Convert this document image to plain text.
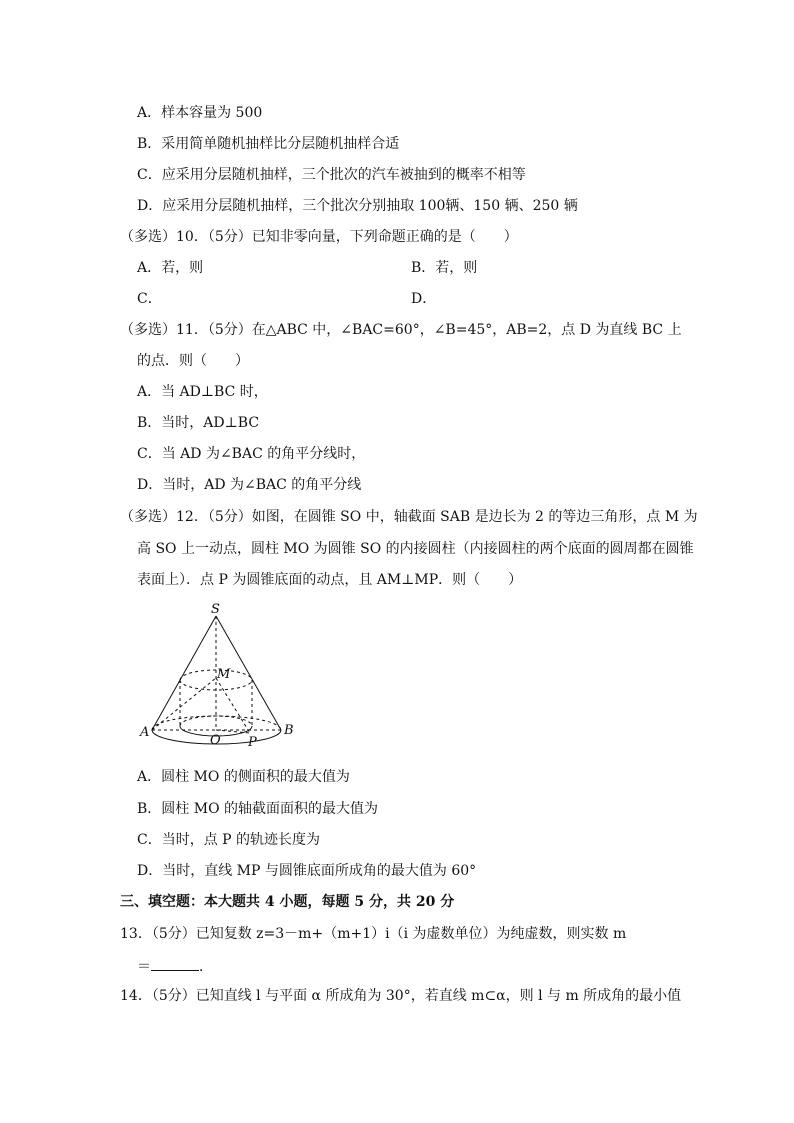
A．样本容量为 500
B．采用简单随机抽样比分层随机抽样合适
C．应采用分层随机抽样，三个批次的汽车被抽到的概率不相等
D．应采用分层随机抽样，三个批次分别抽取 100辆、150 辆、250 辆
（多选）10．（5分）已知非零向量，下列命题正确的是（　　）
A．若，则	B．若，则
C．	D．
（多选）11．（5分）在△ABC 中，∠BAC=60°，∠B=45°，AB=2，点 D 为直线 BC 上
的点．则（　　）
A．当 AD⊥BC 时，
B．当时，AD⊥BC
C．当 AD 为∠BAC 的角平分线时，
D．当时，AD 为∠BAC 的角平分线
（多选）12．（5分）如图，在圆锥 SO 中，轴截面 SAB 是边长为 2 的等边三角形，点 M 为
高 SO 上一动点，圆柱 MO 为圆锥 SO 的内接圆柱（内接圆柱的两个底面的圆周都在圆锥
表面上）．点 P 为圆锥底面的动点，且 AM⊥MP．则（　　）
S
M
A
O P
B
A．圆柱 MO 的侧面积的最大值为
B．圆柱 MO 的轴截面面积的最大值为
C．当时，点 P 的轨迹长度为
D．当时，直线 MP 与圆锥底面所成角的最大值为 60°
三、填空题：本大题共 4 小题，每题 5 分，共 20 分
13．（5分）已知复数 z=3－m+（m+1）i（i 为虚数单位）为纯虚数，则实数 m
＝	．
14．（5分）已知直线 l 与平面 α 所成角为 30°，若直线 m⊂α，则 l 与 m 所成角的最小值
